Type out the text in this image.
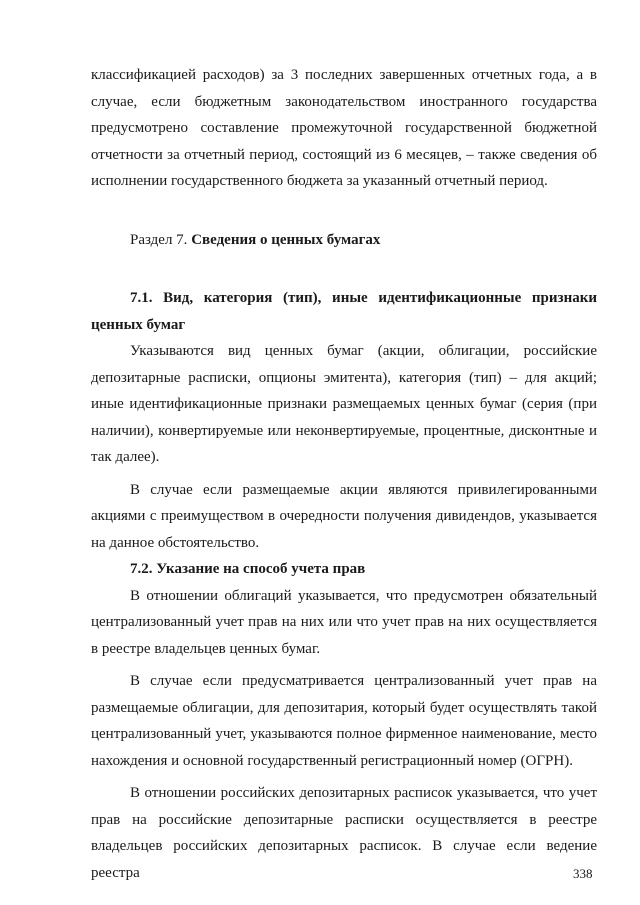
классификацией расходов) за 3 последних завершенных отчетных года, а в случае, если бюджетным законодательством иностранного государства предусмотрено составление промежуточной государственной бюджетной отчетности за отчетный период, состоящий из 6 месяцев, – также сведения об исполнении государственного бюджета за указанный отчетный период.

Раздел 7. Сведения о ценных бумагах

7.1. Вид, категория (тип), иные идентификационные признаки ценных бумаг

Указываются вид ценных бумаг (акции, облигации, российские депозитарные расписки, опционы эмитента), категория (тип) – для акций; иные идентификационные признаки размещаемых ценных бумаг (серия (при наличии), конвертируемые или неконвертируемые, процентные, дисконтные и так далее).

В случае если размещаемые акции являются привилегированными акциями с преимуществом в очередности получения дивидендов, указывается на данное обстоятельство.

7.2. Указание на способ учета прав

В отношении облигаций указывается, что предусмотрен обязательный централизованный учет прав на них или что учет прав на них осуществляется в реестре владельцев ценных бумаг.

В случае если предусматривается централизованный учет прав на размещаемые облигации, для депозитария, который будет осуществлять такой централизованный учет, указываются полное фирменное наименование, место нахождения и основной государственный регистрационный номер (ОГРН).

В отношении российских депозитарных расписок указывается, что учет прав на российские депозитарные расписки осуществляется в реестре владельцев российских депозитарных расписок. В случае если ведение реестра	338
